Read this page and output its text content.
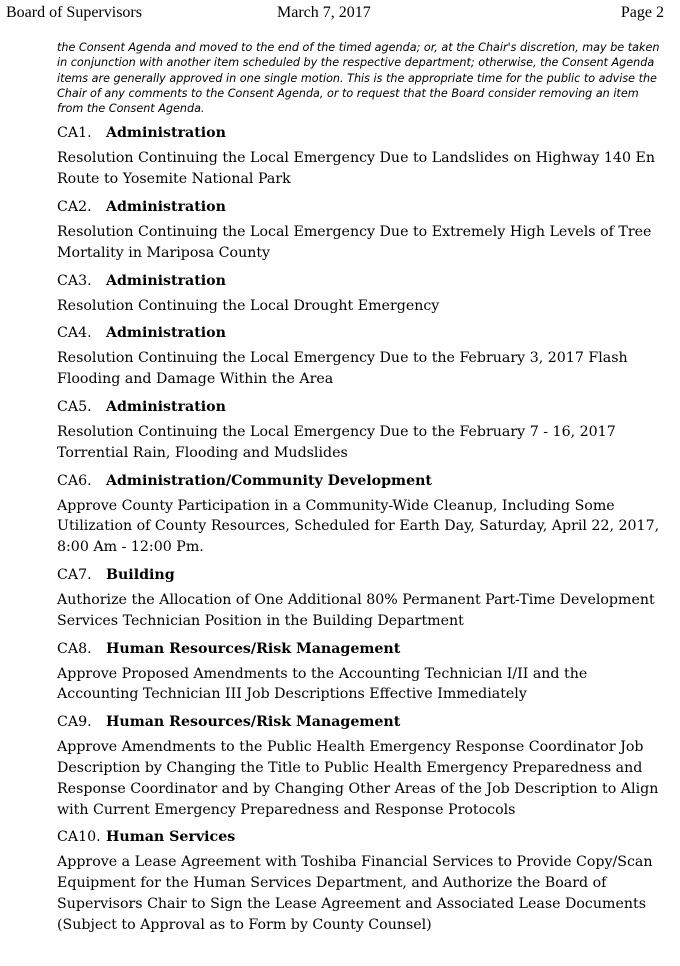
Board of Supervisors	March 7, 2017	Page 2

the Consent Agenda and moved to the end of the timed agenda; or, at the Chair's discretion, may be taken in conjunction with another item scheduled by the respective department; otherwise, the Consent Agenda items are generally approved in one single motion. This is the appropriate time for the public to advise the Chair of any comments to the Consent Agenda, or to request that the Board consider removing an item from the Consent Agenda.

CA1. Administration
Resolution Continuing the Local Emergency Due to Landslides on Highway 140 En Route to Yosemite National Park
CA2. Administration
Resolution Continuing the Local Emergency Due to Extremely High Levels of Tree Mortality in Mariposa County
CA3. Administration
Resolution Continuing the Local Drought Emergency
CA4. Administration
Resolution Continuing the Local Emergency Due to the February 3, 2017 Flash Flooding and Damage Within the Area
CA5. Administration
Resolution Continuing the Local Emergency Due to the February 7 - 16, 2017 Torrential Rain, Flooding and Mudslides
CA6. Administration/Community Development
Approve County Participation in a Community-Wide Cleanup, Including Some Utilization of County Resources, Scheduled for Earth Day, Saturday, April 22, 2017, 8:00 Am - 12:00 Pm.
CA7. Building
Authorize the Allocation of One Additional 80% Permanent Part-Time Development Services Technician Position in the Building Department
CA8. Human Resources/Risk Management
Approve Proposed Amendments to the Accounting Technician I/II and the Accounting Technician III Job Descriptions Effective Immediately
CA9. Human Resources/Risk Management
Approve Amendments to the Public Health Emergency Response Coordinator Job Description by Changing the Title to Public Health Emergency Preparedness and Response Coordinator and by Changing Other Areas of the Job Description to Align with Current Emergency Preparedness and Response Protocols
CA10. Human Services
Approve a Lease Agreement with Toshiba Financial Services to Provide Copy/Scan Equipment for the Human Services Department, and Authorize the Board of Supervisors Chair to Sign the Lease Agreement and Associated Lease Documents (Subject to Approval as to Form by County Counsel)
